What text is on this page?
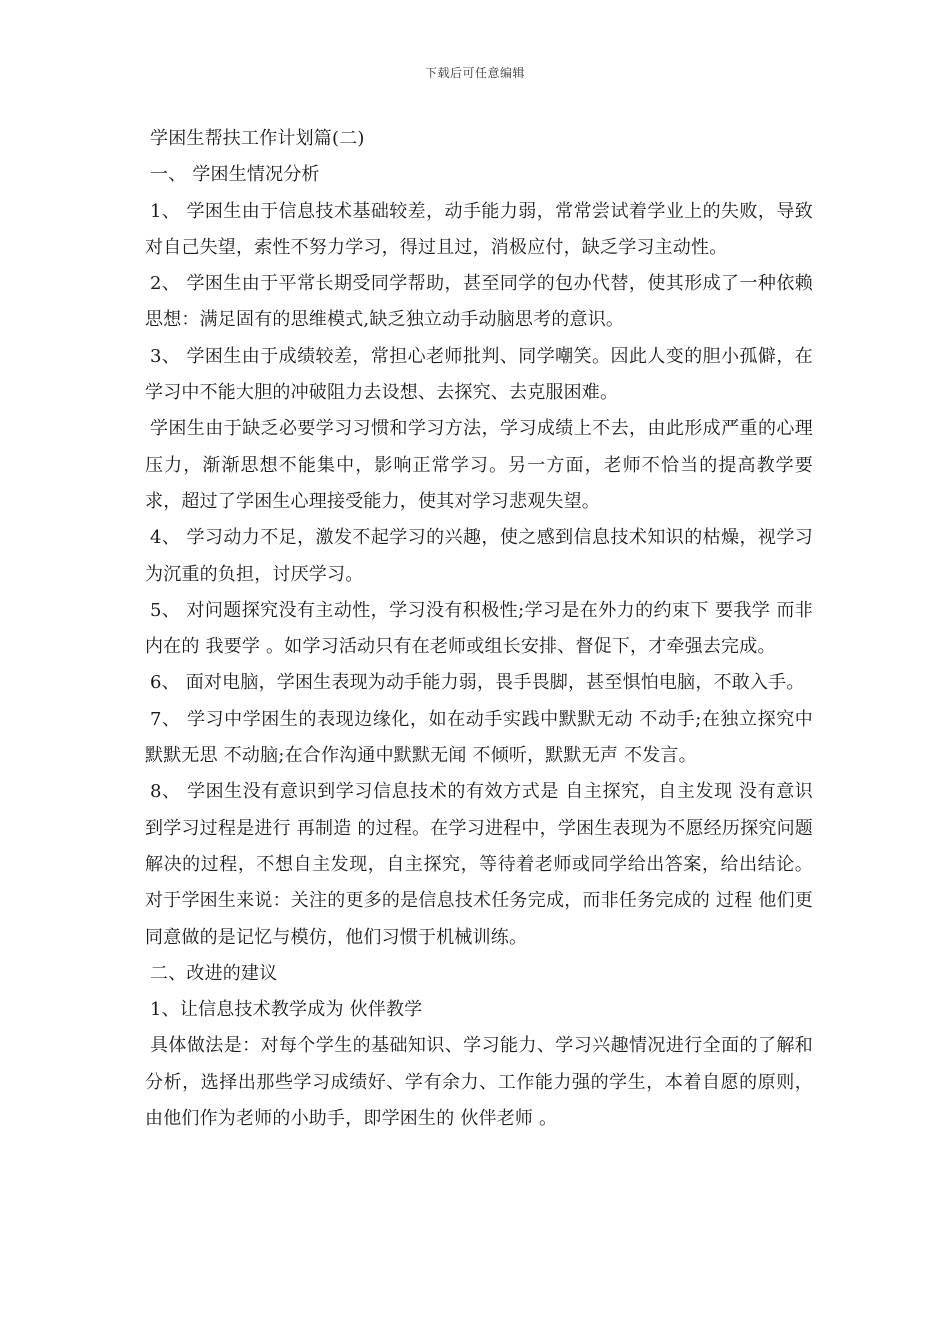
下载后可任意编辑

学困生帮扶工作计划篇(二)

一、 学困生情况分析

1、 学困生由于信息技术基础较差，动手能力弱，常常尝试着学业上的失败，导致对自己失望，索性不努力学习，得过且过，消极应付，缺乏学习主动性。

2、 学困生由于平常长期受同学帮助，甚至同学的包办代替，使其形成了一种依赖思想：满足固有的思维模式,缺乏独立动手动脑思考的意识。

3、 学困生由于成绩较差，常担心老师批判、同学嘲笑。因此人变的胆小孤僻，在学习中不能大胆的冲破阻力去设想、去探究、去克服困难。

学困生由于缺乏必要学习习惯和学习方法，学习成绩上不去，由此形成严重的心理压力，渐渐思想不能集中，影响正常学习。另一方面，老师不恰当的提高教学要求，超过了学困生心理接受能力，使其对学习悲观失望。

4、 学习动力不足，激发不起学习的兴趣，使之感到信息技术知识的枯燥，视学习为沉重的负担，讨厌学习。

5、 对问题探究没有主动性，学习没有积极性;学习是在外力的约束下 要我学 而非内在的 我要学 。如学习活动只有在老师或组长安排、督促下，才牵强去完成。

6、 面对电脑，学困生表现为动手能力弱，畏手畏脚，甚至惧怕电脑，不敢入手。

7、 学习中学困生的表现边缘化，如在动手实践中默默无动 不动手;在独立探究中默默无思 不动脑;在合作沟通中默默无闻 不倾听，默默无声 不发言。

8、 学困生没有意识到学习信息技术的有效方式是 自主探究，自主发现 没有意识到学习过程是进行 再制造 的过程。在学习进程中，学困生表现为不愿经历探究问题解决的过程，不想自主发现，自主探究，等待着老师或同学给出答案，给出结论。对于学困生来说：关注的更多的是信息技术任务完成，而非任务完成的 过程 他们更同意做的是记忆与模仿，他们习惯于机械训练。

二、改进的建议

1、让信息技术教学成为 伙伴教学

具体做法是：对每个学生的基础知识、学习能力、学习兴趣情况进行全面的了解和分析，选择出那些学习成绩好、学有余力、工作能力强的学生，本着自愿的原则，由他们作为老师的小助手，即学困生的 伙伴老师 。
